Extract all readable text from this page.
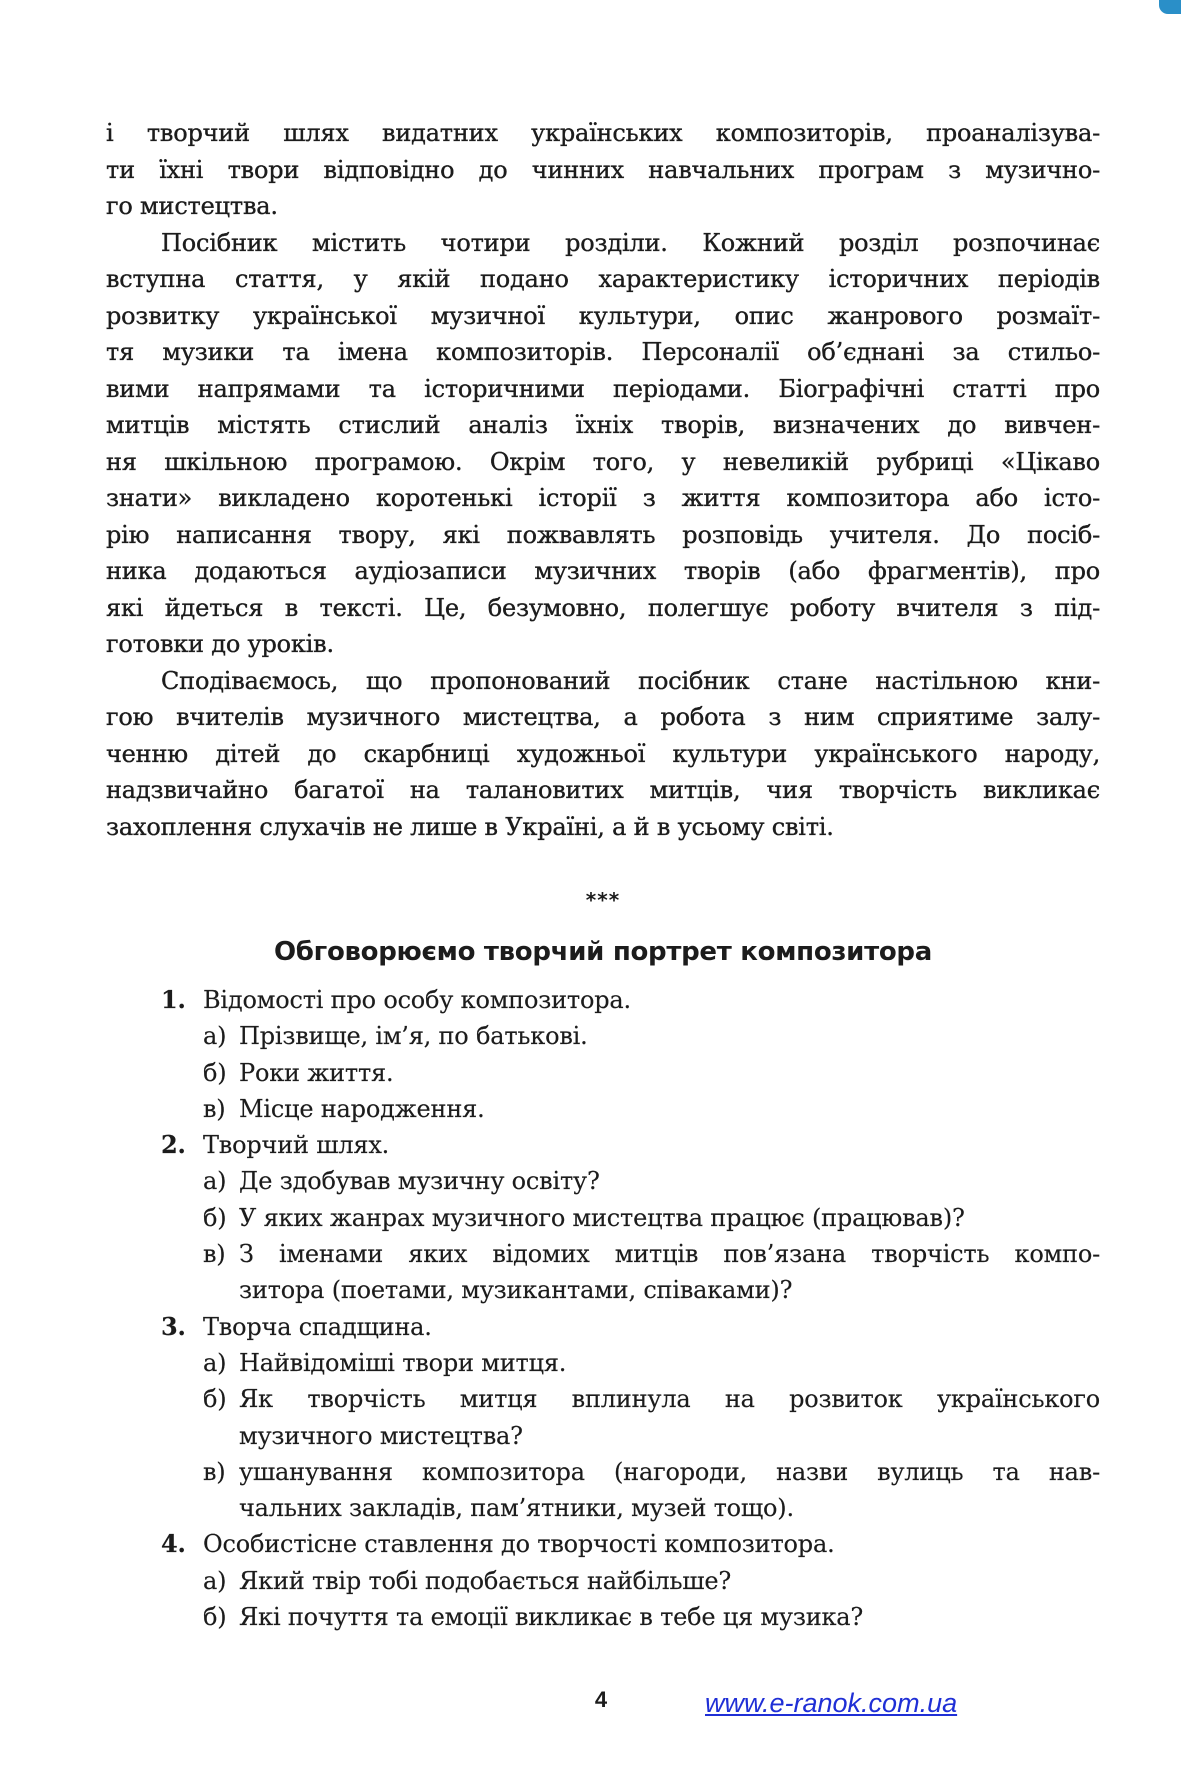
і творчий шлях видатних українських композиторів, проаналізува-
ти їхні твори відповідно до чинних навчальних програм з музично-
го мистецтва.
Посібник містить чотири розділи. Кожний розділ розпочинає
вступна стаття, у якій подано характеристику історичних періодів
розвитку української музичної культури, опис жанрового розмаїт-
тя музики та імена композиторів. Персоналії об’єднані за стильо-
вими напрямами та історичними періодами. Біографічні статті про
митців містять стислий аналіз їхніх творів, визначених до вивчен-
ня шкільною програмою. Окрім того, у невеликій рубриці «Цікаво
знати» викладено коротенькі історії з життя композитора або істо-
рію написання твору, які пожвавлять розповідь учителя. До посіб-
ника додаються аудіозаписи музичних творів (або фрагментів), про
які йдеться в тексті. Це, безумовно, полегшує роботу вчителя з під-
готовки до уроків.
Сподіваємось, що пропонований посібник стане настільною кни-
гою вчителів музичного мистецтва, а робота з ним сприятиме залу-
ченню дітей до скарбниці художньої культури українського народу,
надзвичайно багатої на талановитих митців, чия творчість викликає
захоплення слухачів не лише в Україні, а й в усьому світі.
***
Обговорюємо творчий портрет композитора
1. Відомості про особу композитора.
а) Прізвище, ім’я, по батькові.
б) Роки життя.
в) Місце народження.
2. Творчий шлях.
а) Де здобував музичну освіту?
б) У яких жанрах музичного мистецтва працює (працював)?
в) З іменами яких відомих митців пов’язана творчість компо-
зитора (поетами, музикантами, співаками)?
3. Творча спадщина.
а) Найвідоміші твори митця.
б) Як творчість митця вплинула на розвиток українського
музичного мистецтва?
в) ушанування композитора (нагороди, назви вулиць та нав-
чальних закладів, пам’ятники, музей тощо).
4. Особистісне ставлення до творчості композитора.
а) Який твір тобі подобається найбільше?
б) Які почуття та емоції викликає в тебе ця музика?
4	www.e-ranok.com.ua
